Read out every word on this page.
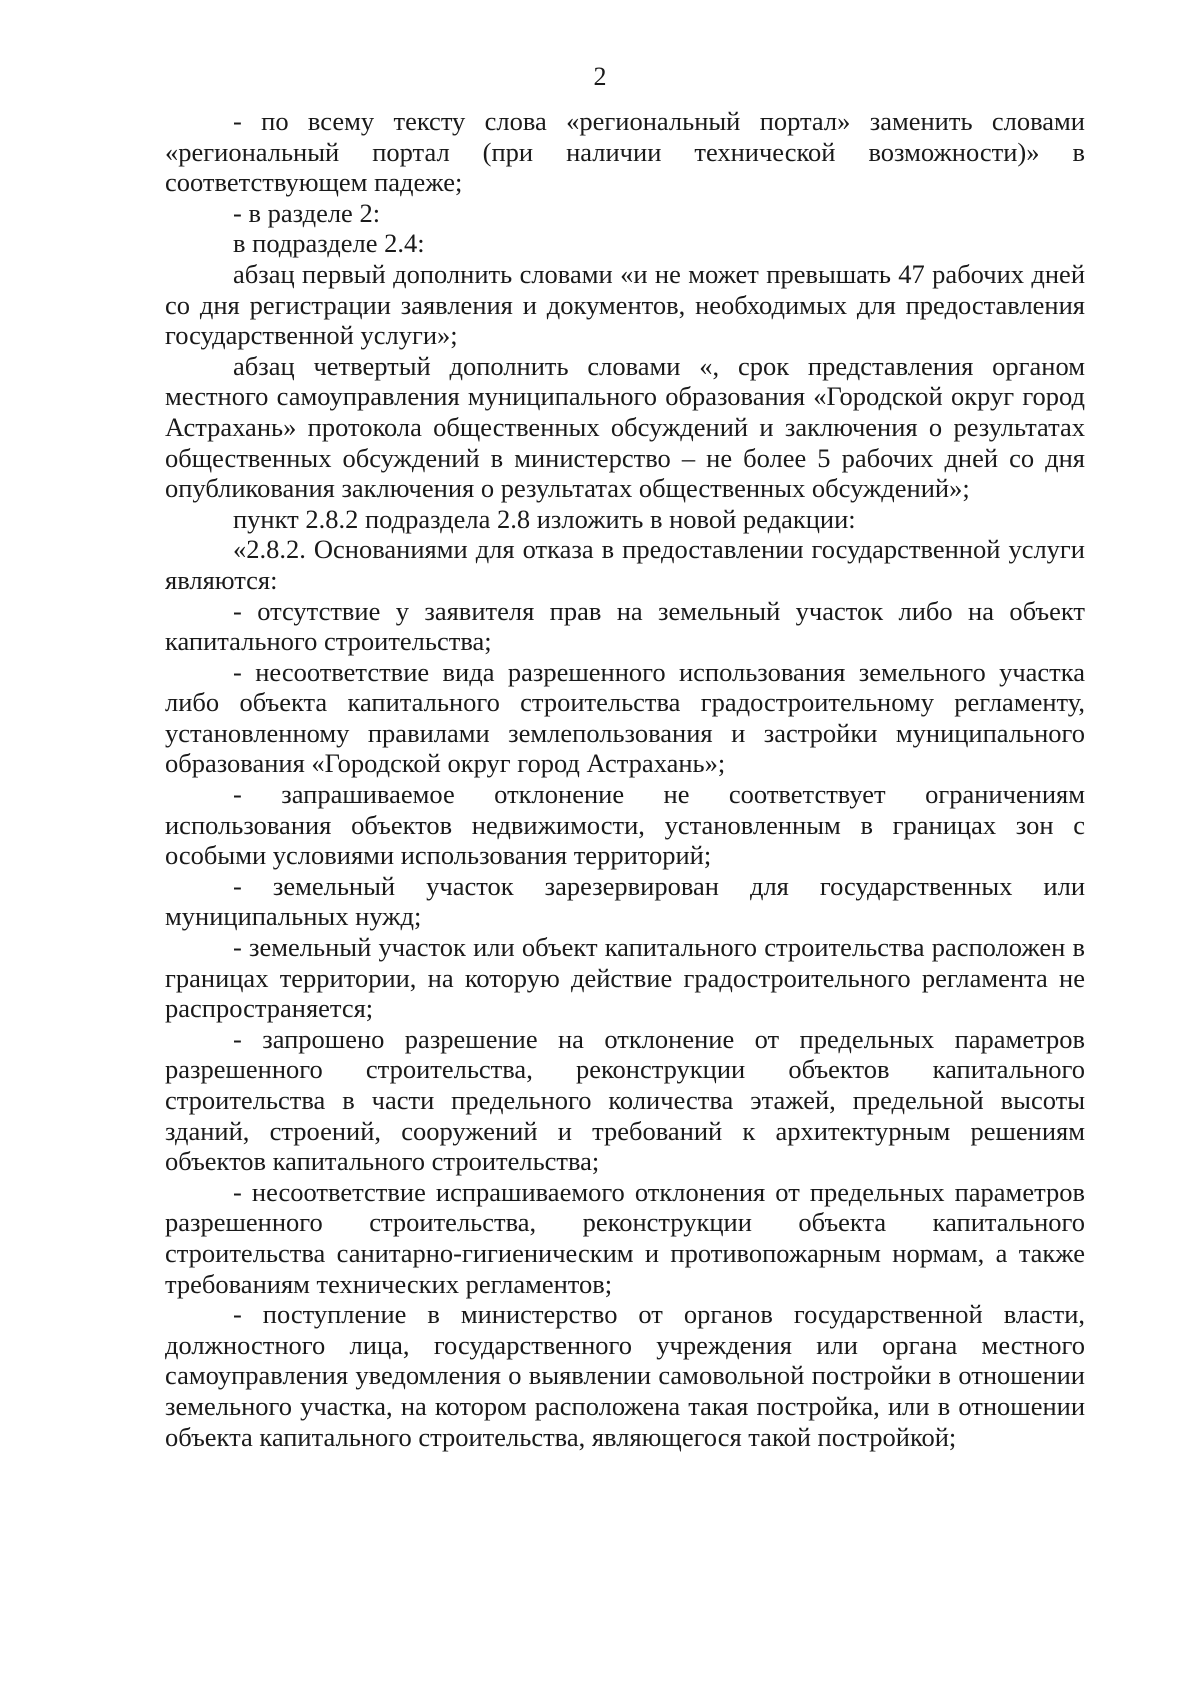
2

- по всему тексту слова «региональный портал» заменить словами «региональный портал (при наличии технической возможности)» в соответствующем падеже;

- в разделе 2:

в подразделе 2.4:

абзац первый дополнить словами «и не может превышать 47 рабочих дней со дня регистрации заявления и документов, необходимых для предоставления государственной услуги»;

абзац четвертый дополнить словами «, срок представления органом местного самоуправления муниципального образования «Городской округ город Астрахань» протокола общественных обсуждений и заключения о результатах общественных обсуждений в министерство – не более 5 рабочих дней со дня опубликования заключения о результатах общественных обсуждений»;

пункт 2.8.2 подраздела 2.8 изложить в новой редакции:

«2.8.2. Основаниями для отказа в предоставлении государственной услуги являются:

- отсутствие у заявителя прав на земельный участок либо на объект капитального строительства;

- несоответствие вида разрешенного использования земельного участка либо объекта капитального строительства градостроительному регламенту, установленному правилами землепользования и застройки муниципального образования «Городской округ город Астрахань»;

- запрашиваемое отклонение не соответствует ограничениям использования объектов недвижимости, установленным в границах зон с особыми условиями использования территорий;

- земельный участок зарезервирован для государственных или муниципальных нужд;

- земельный участок или объект капитального строительства расположен в границах территории, на которую действие градостроительного регламента не распространяется;

- запрошено разрешение на отклонение от предельных параметров разрешенного строительства, реконструкции объектов капитального строительства в части предельного количества этажей, предельной высоты зданий, строений, сооружений и требований к архитектурным решениям объектов капитального строительства;

- несоответствие испрашиваемого отклонения от предельных параметров разрешенного строительства, реконструкции объекта капитального строительства санитарно-гигиеническим и противопожарным нормам, а также требованиям технических регламентов;

- поступление в министерство от органов государственной власти, должностного лица, государственного учреждения или органа местного самоуправления уведомления о выявлении самовольной постройки в отношении земельного участка, на котором расположена такая постройка, или в отношении объекта капитального строительства, являющегося такой постройкой;
